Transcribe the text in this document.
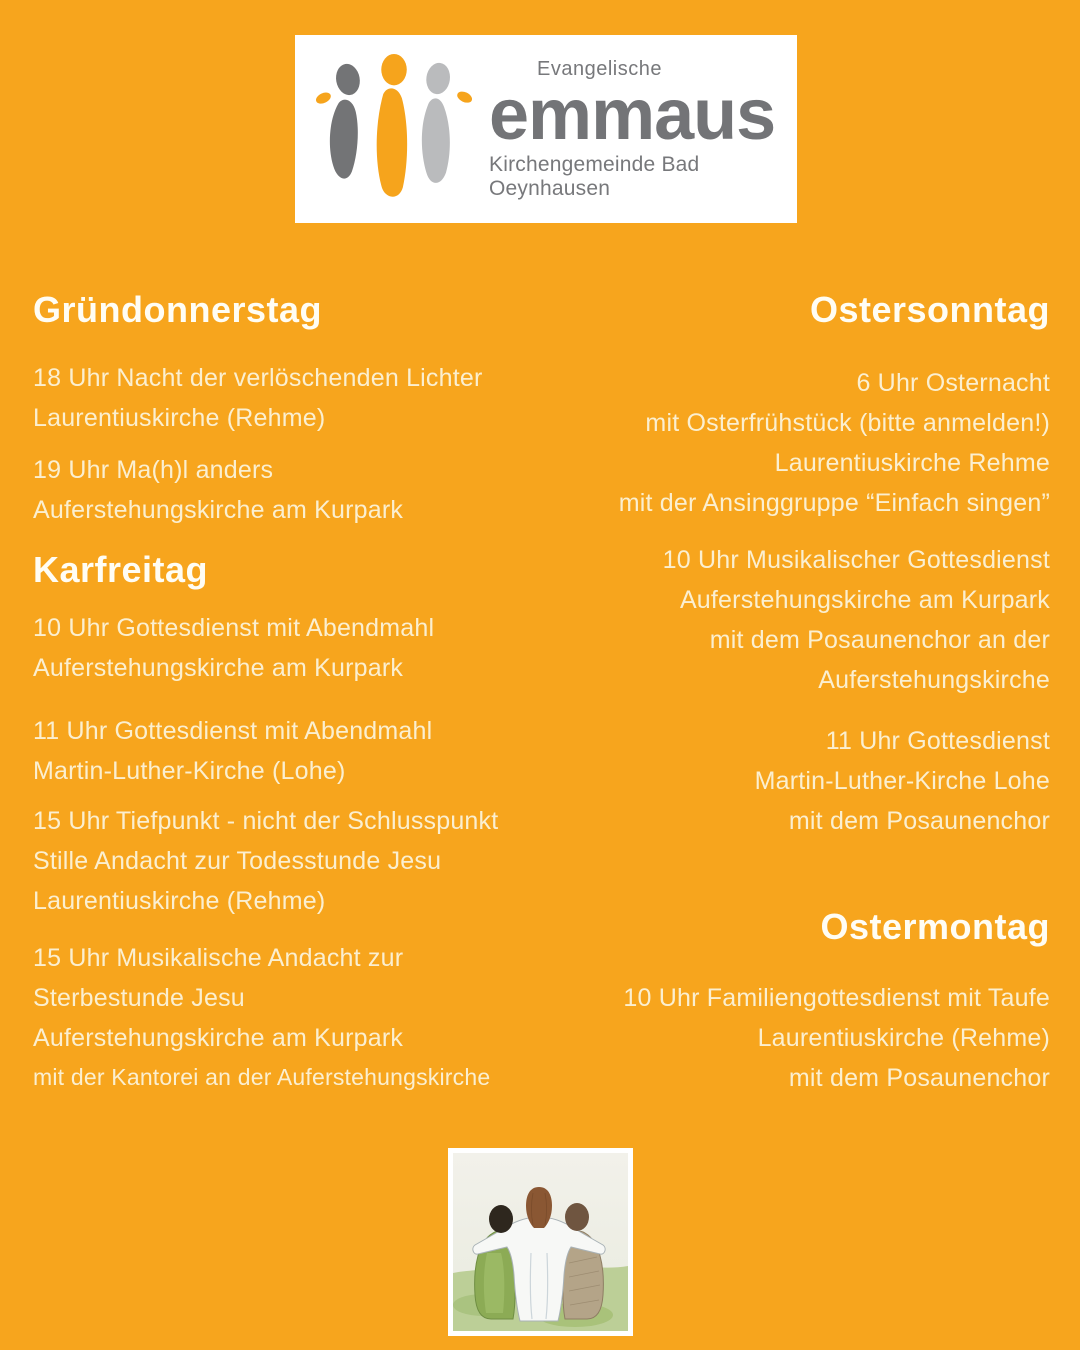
Evangelische
emmaus
Kirchengemeinde Bad Oeynhausen
Gründonnerstag
18 Uhr Nacht der verlöschenden Lichter
Laurentiuskirche (Rehme)
19 Uhr Ma(h)l anders
Auferstehungskirche am Kurpark
Karfreitag
10 Uhr Gottesdienst mit Abendmahl
Auferstehungskirche am Kurpark
11 Uhr Gottesdienst mit Abendmahl
Martin-Luther-Kirche (Lohe)
15 Uhr Tiefpunkt - nicht der Schlusspunkt
Stille Andacht zur Todesstunde Jesu
Laurentiuskirche (Rehme)
15 Uhr Musikalische Andacht zur
Sterbestunde Jesu
Auferstehungskirche am Kurpark
mit der Kantorei an der Auferstehungskirche
Ostersonntag
6 Uhr Osternacht
mit Osterfrühstück (bitte anmelden!)
Laurentiuskirche Rehme
mit der Ansinggruppe “Einfach singen”
10 Uhr Musikalischer Gottesdienst
Auferstehungskirche am Kurpark
mit dem Posaunenchor an der
Auferstehungskirche
11 Uhr Gottesdienst
Martin-Luther-Kirche Lohe
mit dem Posaunenchor
Ostermontag
10 Uhr Familiengottesdienst mit Taufe
Laurentiuskirche (Rehme)
mit dem Posaunenchor
